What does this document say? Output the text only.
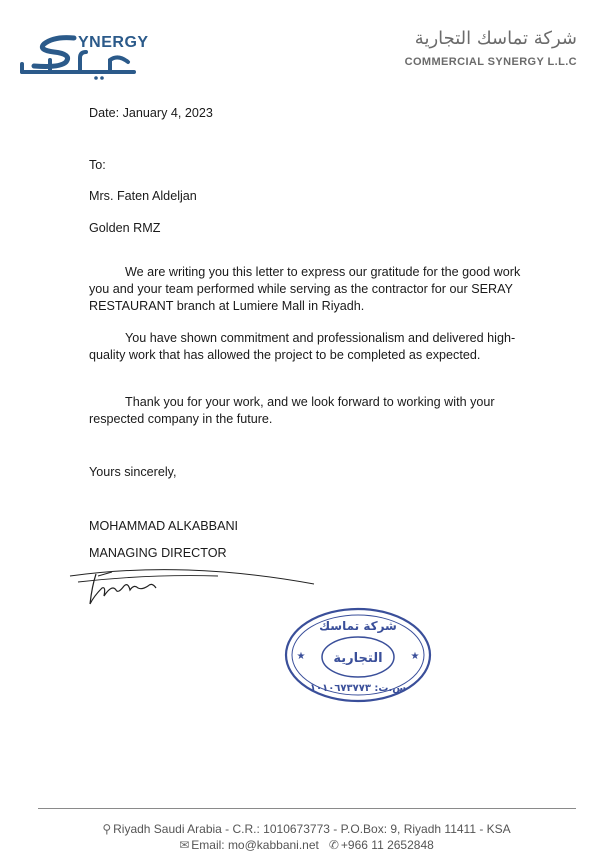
YNERGY	شركة تماسك التجارية
COMMERCIAL SYNERGY L.L.C
Date: January 4, 2023
To:
Mrs. Faten Aldeljan
Golden RMZ
We are writing you this letter to express our gratitude for the good work you and your team performed while serving as the contractor for our SERAY RESTAURANT branch at Lumiere Mall in Riyadh.
You have shown commitment and professionalism and delivered high-quality work that has allowed the project to be completed as expected.
Thank you for your work, and we look forward to working with your respected company in the future.
Yours sincerely,
MOHAMMAD ALKABBANI
MANAGING DIRECTOR
شركة تماسك
التجارية
س.ت: ١٠١٠٦٧٣٧٧٣
★	★
⚲ Riyadh Saudi Arabia - C.R.: 1010673773 - P.O.Box: 9, Riyadh 11411 - KSA
✉ Email: mo@kabbani.net ✆ +966 11 2652848
